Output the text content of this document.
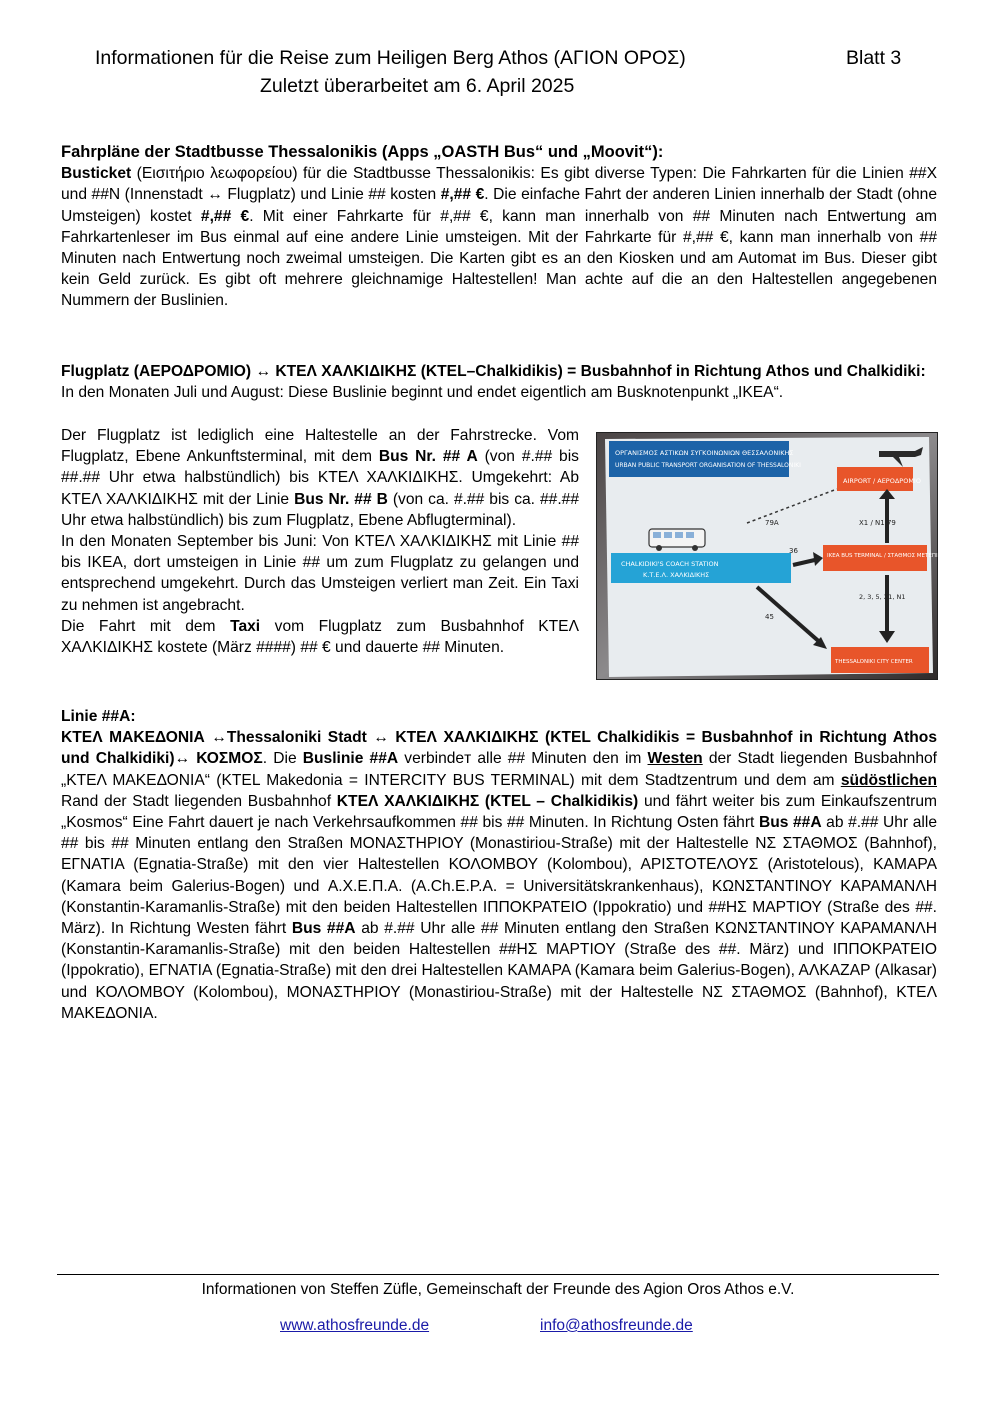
Informationen für die Reise zum Heiligen Berg Athos (ΑΓΙΟΝ ΟΡΟΣ)	Blatt 3
Zuletzt überarbeitet am 6. April 2025

Fahrpläne der Stadtbusse Thessalonikis (Apps „OASTH Bus“ und „Moovit“):

Busticket (Εισιτήριο λεωφορείου) für die Stadtbusse Thessalonikis: Es gibt diverse Typen: Die Fahrkarten für die Linien ##X und ##N (Innenstadt ↔ Flugplatz) und Linie ## kosten #,## €. Die einfache Fahrt der anderen Linien innerhalb der Stadt (ohne Umsteigen) kostet #,## €. Mit einer Fahrkarte für #,## €, kann man innerhalb von ## Minuten nach Entwertung am Fahrkartenleser im Bus einmal auf eine andere Linie umsteigen. Mit der Fahrkarte für #,## €, kann man innerhalb von ## Minuten nach Entwertung noch zweimal umsteigen. Die Karten gibt es an den Kiosken und am Automat im Bus. Dieser gibt kein Geld zurück. Es gibt oft mehrere gleichnamige Haltestellen! Man achte auf die an den Haltestellen angegebenen Nummern der Buslinien.

Flugplatz (ΑΕΡΟΔΡΟΜΙΟ) ↔ ΚΤΕΛ ΧΑΛΚΙΔΙΚΗΣ (KTEL–Chalkidikis) = Busbahnhof in Richtung Athos und Chalkidiki:

In den Monaten Juli und August: Diese Buslinie beginnt und endet eigentlich am Busknotenpunkt „IKEA“.

Der Flugplatz ist lediglich eine Haltestelle an der Fahrstrecke. Vom Flugplatz, Ebene Ankunftsterminal, mit dem Bus Nr. ## A (von #.## bis ##.## Uhr etwa halbstündlich) bis ΚΤΕΛ ΧΑΛΚΙΔΙΚΗΣ. Umgekehrt: Ab ΚΤΕΛ ΧΑΛΚΙΔΙΚΗΣ mit der Linie Bus Nr. ## B (von ca. #.## bis ca. ##.## Uhr etwa halbstündlich) bis zum Flugplatz, Ebene Abflugterminal).

In den Monaten September bis Juni: Von ΚΤΕΛ ΧΑΛΚΙΔΙΚΗΣ mit Linie ## bis IKEA, dort umsteigen in Linie ## um zum Flugplatz zu gelangen und entsprechend umgekehrt. Durch das Umsteigen verliert man Zeit. Ein Taxi zu nehmen ist angebracht.

Die Fahrt mit dem Taxi vom Flugplatz zum Busbahnhof ΚΤΕΛ ΧΑΛΚΙΔΙΚΗΣ kostete (März ####) ## € und dauerte ## Minuten.

ΟΡΓΑΝΙΣΜΟΣ ΑΣΤΙΚΩΝ ΣΥΓΚΟΙΝΩΝΙΩΝ ΘΕΣΣΑΛΟΝΙΚΗΣ
URBAN PUBLIC TRANSPORT ORGANISATION OF THESSALONIKI
AIRPORT / ΑΕΡΟΔΡΟΜΙΟ
79A	X1 / N1 79
IKEA BUS TERMINAL / ΣΤΑΘΜΟΣ ΜΕΤΕΠΙΒΙΒΑΣΗΣ
CHALKIDIKI'S COACH STATION
Κ.Τ.Ε.Λ. ΧΑΛΚΙΔΙΚΗΣ
36
2, 3, 5, X1, N1
45
THESSALONIKI CITY CENTER

Linie ##A:

ΚΤΕΛ ΜΑΚΕΔΟΝΙΑ ↔Thessaloniki Stadt ↔ ΚΤΕΛ ΧΑΛΚΙΔΙΚΗΣ (KTEL Chalkidikis = Busbahnhof in Richtung Athos und Chalkidiki)↔ ΚΟΣΜΟΣ. Die Buslinie ##A verbindeт alle ## Minuten den im Westen der Stadt liegenden Busbahnhof „ΚΤΕΛ ΜΑΚΕΔΟΝΙΑ“ (KTEL Makedonia = INTERCITY BUS TERMINAL) mit dem Stadtzentrum und dem am südöstlichen Rand der Stadt liegenden Busbahnhof ΚΤΕΛ ΧΑΛΚΙΔΙΚΗΣ (KTEL – Chalkidikis) und fährt weiter bis zum Einkaufszentrum „Kosmos“ Eine Fahrt dauert je nach Verkehrsaufkommen ## bis ## Minuten. In Richtung Osten fährt Bus ##A ab #.## Uhr alle ## bis ## Minuten entlang den Straßen ΜΟΝΑΣΤΗΡΙΟΥ (Monastiriou-Straße) mit der Haltestelle ΝΣ ΣΤΑΘΜΟΣ (Bahnhof), ΕΓΝΑΤΙΑ (Egnatia-Straße) mit den vier Haltestellen ΚΟΛΟΜΒΟΥ (Kolombou), ΑΡΙΣΤΟΤΕΛΟΥΣ (Aristotelous), ΚΑΜΑΡΑ (Kamara beim Galerius-Bogen) und Α.Χ.Ε.Π.Α. (A.Ch.E.P.A. = Universitätskrankenhaus), ΚΩΝΣΤΑΝΤΙΝΟΥ ΚΑΡΑΜΑΝΛΗ (Konstantin-Karamanlis-Straße) mit den beiden Haltestellen ΙΠΠΟΚΡΑΤΕΙΟ (Ippokratio) und ##ΗΣ ΜΑΡΤΙΟΥ (Straße des ##. März). In Richtung Westen fährt Bus ##A ab #.## Uhr alle ## Minuten entlang den Straßen ΚΩΝΣΤΑΝΤΙΝΟΥ ΚΑΡΑΜΑΝΛΗ (Konstantin-Karamanlis-Straße) mit den beiden Haltestellen ##ΗΣ ΜΑΡΤΙΟΥ (Straße des ##. März) und ΙΠΠΟΚΡΑΤΕΙΟ (Ippokratio), ΕΓΝΑΤΙΑ (Egnatia-Straße) mit den drei Haltestellen ΚΑΜΑΡΑ (Kamara beim Galerius-Bogen), ΑΛΚΑΖΑΡ (Alkasar) und ΚΟΛΟΜΒΟΥ (Kolombou), ΜΟΝΑΣΤΗΡΙΟΥ (Monastiriou-Straße) mit der Haltestelle ΝΣ ΣΤΑΘΜΟΣ (Bahnhof), ΚΤΕΛ ΜΑΚΕΔΟΝΙΑ.

Informationen von Steffen Züfle, Gemeinschaft der Freunde des Agion Oros Athos e.V.
www.athosfreunde.de	info@athosfreunde.de
